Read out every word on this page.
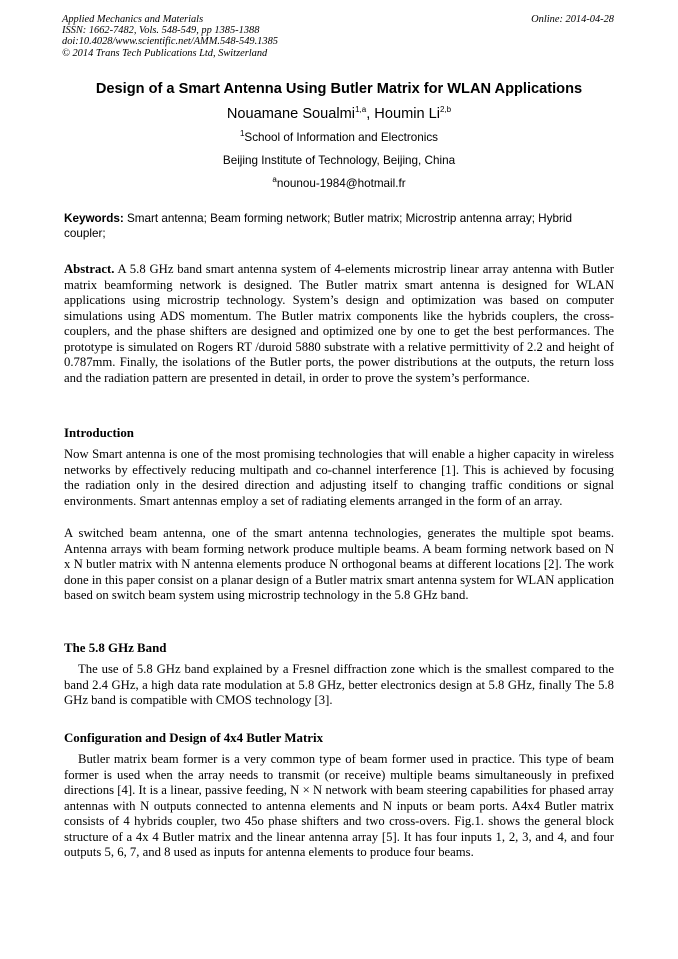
Applied Mechanics and Materials
ISSN: 1662-7482, Vols. 548-549, pp 1385-1388
doi:10.4028/www.scientific.net/AMM.548-549.1385
© 2014 Trans Tech Publications Ltd, Switzerland
Online: 2014-04-28
Design of a Smart Antenna Using Butler Matrix for WLAN Applications
Nouamane Soualmi$^{1,a}$, Houmin Li$^{2,b}$
$^1$School of Information and Electronics
Beijing Institute of Technology, Beijing, China
$^a$nounou-1984@hotmail.fr
Keywords: Smart antenna; Beam forming network; Butler matrix; Microstrip antenna array; Hybrid coupler;
Abstract. A 5.8 GHz band smart antenna system of 4-elements microstrip linear array antenna with Butler matrix beamforming network is designed. The Butler matrix smart antenna is designed for WLAN applications using microstrip technology. System’s design and optimization was based on computer simulations using ADS momentum. The Butler matrix components like the hybrids couplers, the cross-couplers, and the phase shifters are designed and optimized one by one to get the best performances. The prototype is simulated on Rogers RT /duroid 5880 substrate with a relative permittivity of 2.2 and height of 0.787mm. Finally, the isolations of the Butler ports, the power distributions at the outputs, the return loss and the radiation pattern are presented in detail, in order to prove the system’s performance.
Introduction
Now Smart antenna is one of the most promising technologies that will enable a higher capacity in wireless networks by effectively reducing multipath and co-channel interference [1]. This is achieved by focusing the radiation only in the desired direction and adjusting itself to changing traffic conditions or signal environments. Smart antennas employ a set of radiating elements arranged in the form of an array.
A switched beam antenna, one of the smart antenna technologies, generates the multiple spot beams. Antenna arrays with beam forming network produce multiple beams. A beam forming network based on N x N butler matrix with N antenna elements produce N orthogonal beams at different locations [2]. The work done in this paper consist on a planar design of a Butler matrix smart antenna system for WLAN application based on switch beam system using microstrip technology in the 5.8 GHz band.
The 5.8 GHz Band
The use of 5.8 GHz band explained by a Fresnel diffraction zone which is the smallest compared to the band 2.4 GHz, a high data rate modulation at 5.8 GHz, better electronics design at 5.8 GHz, finally The 5.8 GHz band is compatible with CMOS technology [3].
Configuration and Design of 4x4 Butler Matrix
Butler matrix beam former is a very common type of beam former used in practice. This type of beam former is used when the array needs to transmit (or receive) multiple beams simultaneously in prefixed directions [4]. It is a linear, passive feeding, N × N network with beam steering capabilities for phased array antennas with N outputs connected to antenna elements and N inputs or beam ports. A4x4 Butler matrix consists of 4 hybrids coupler, two 45o phase shifters and two cross-overs. Fig.1. shows the general block structure of a 4x 4 Butler matrix and the linear antenna array [5]. It has four inputs 1, 2, 3, and 4, and four outputs 5, 6, 7, and 8 used as inputs for antenna elements to produce four beams.
